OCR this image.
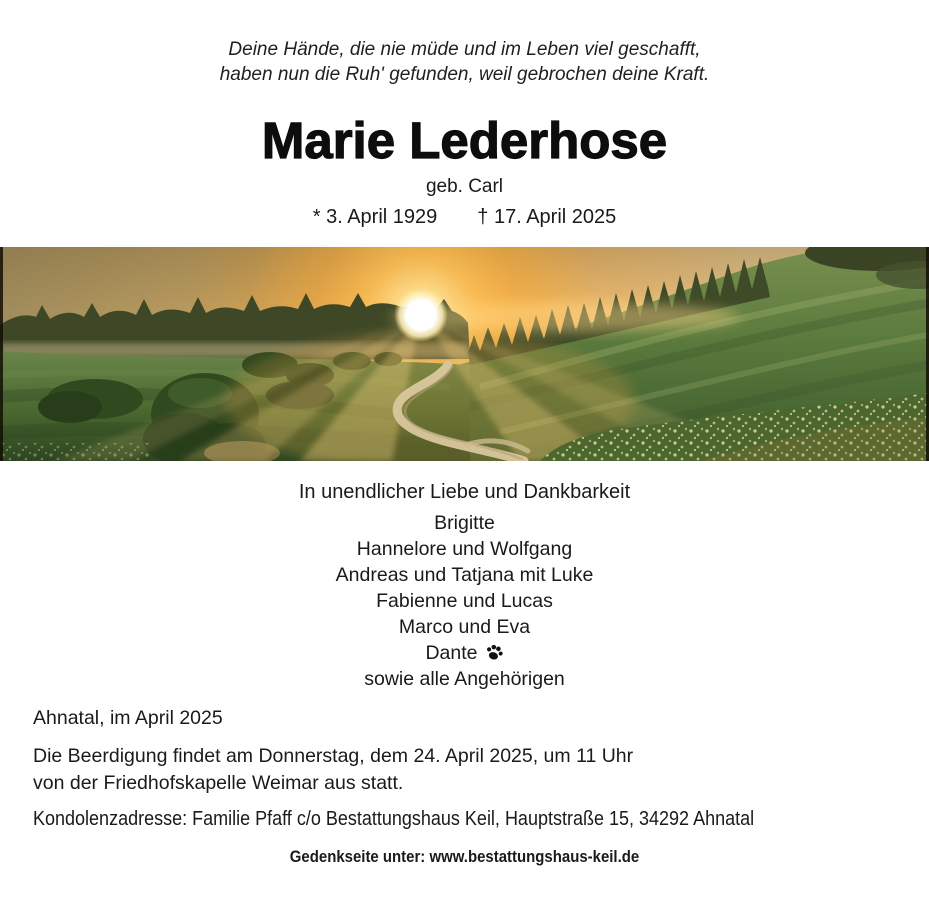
Deine Hände, die nie müde und im Leben viel geschafft,
haben nun die Ruh' gefunden, weil gebrochen deine Kraft.
Marie Lederhose
geb. Carl
* 3. April 1929 † 17. April 2025
In unendlicher Liebe und Dankbarkeit
Brigitte
Hannelore und Wolfgang
Andreas und Tatjana mit Luke
Fabienne und Lucas
Marco und Eva
Dante
sowie alle Angehörigen
Ahnatal, im April 2025
Die Beerdigung findet am Donnerstag, dem 24. April 2025, um 11 Uhr
von der Friedhofskapelle Weimar aus statt.
Kondolenzadresse: Familie Pfaff c/o Bestattungshaus Keil, Hauptstraße 15, 34292 Ahnatal
Gedenkseite unter: www.bestattungshaus-keil.de
